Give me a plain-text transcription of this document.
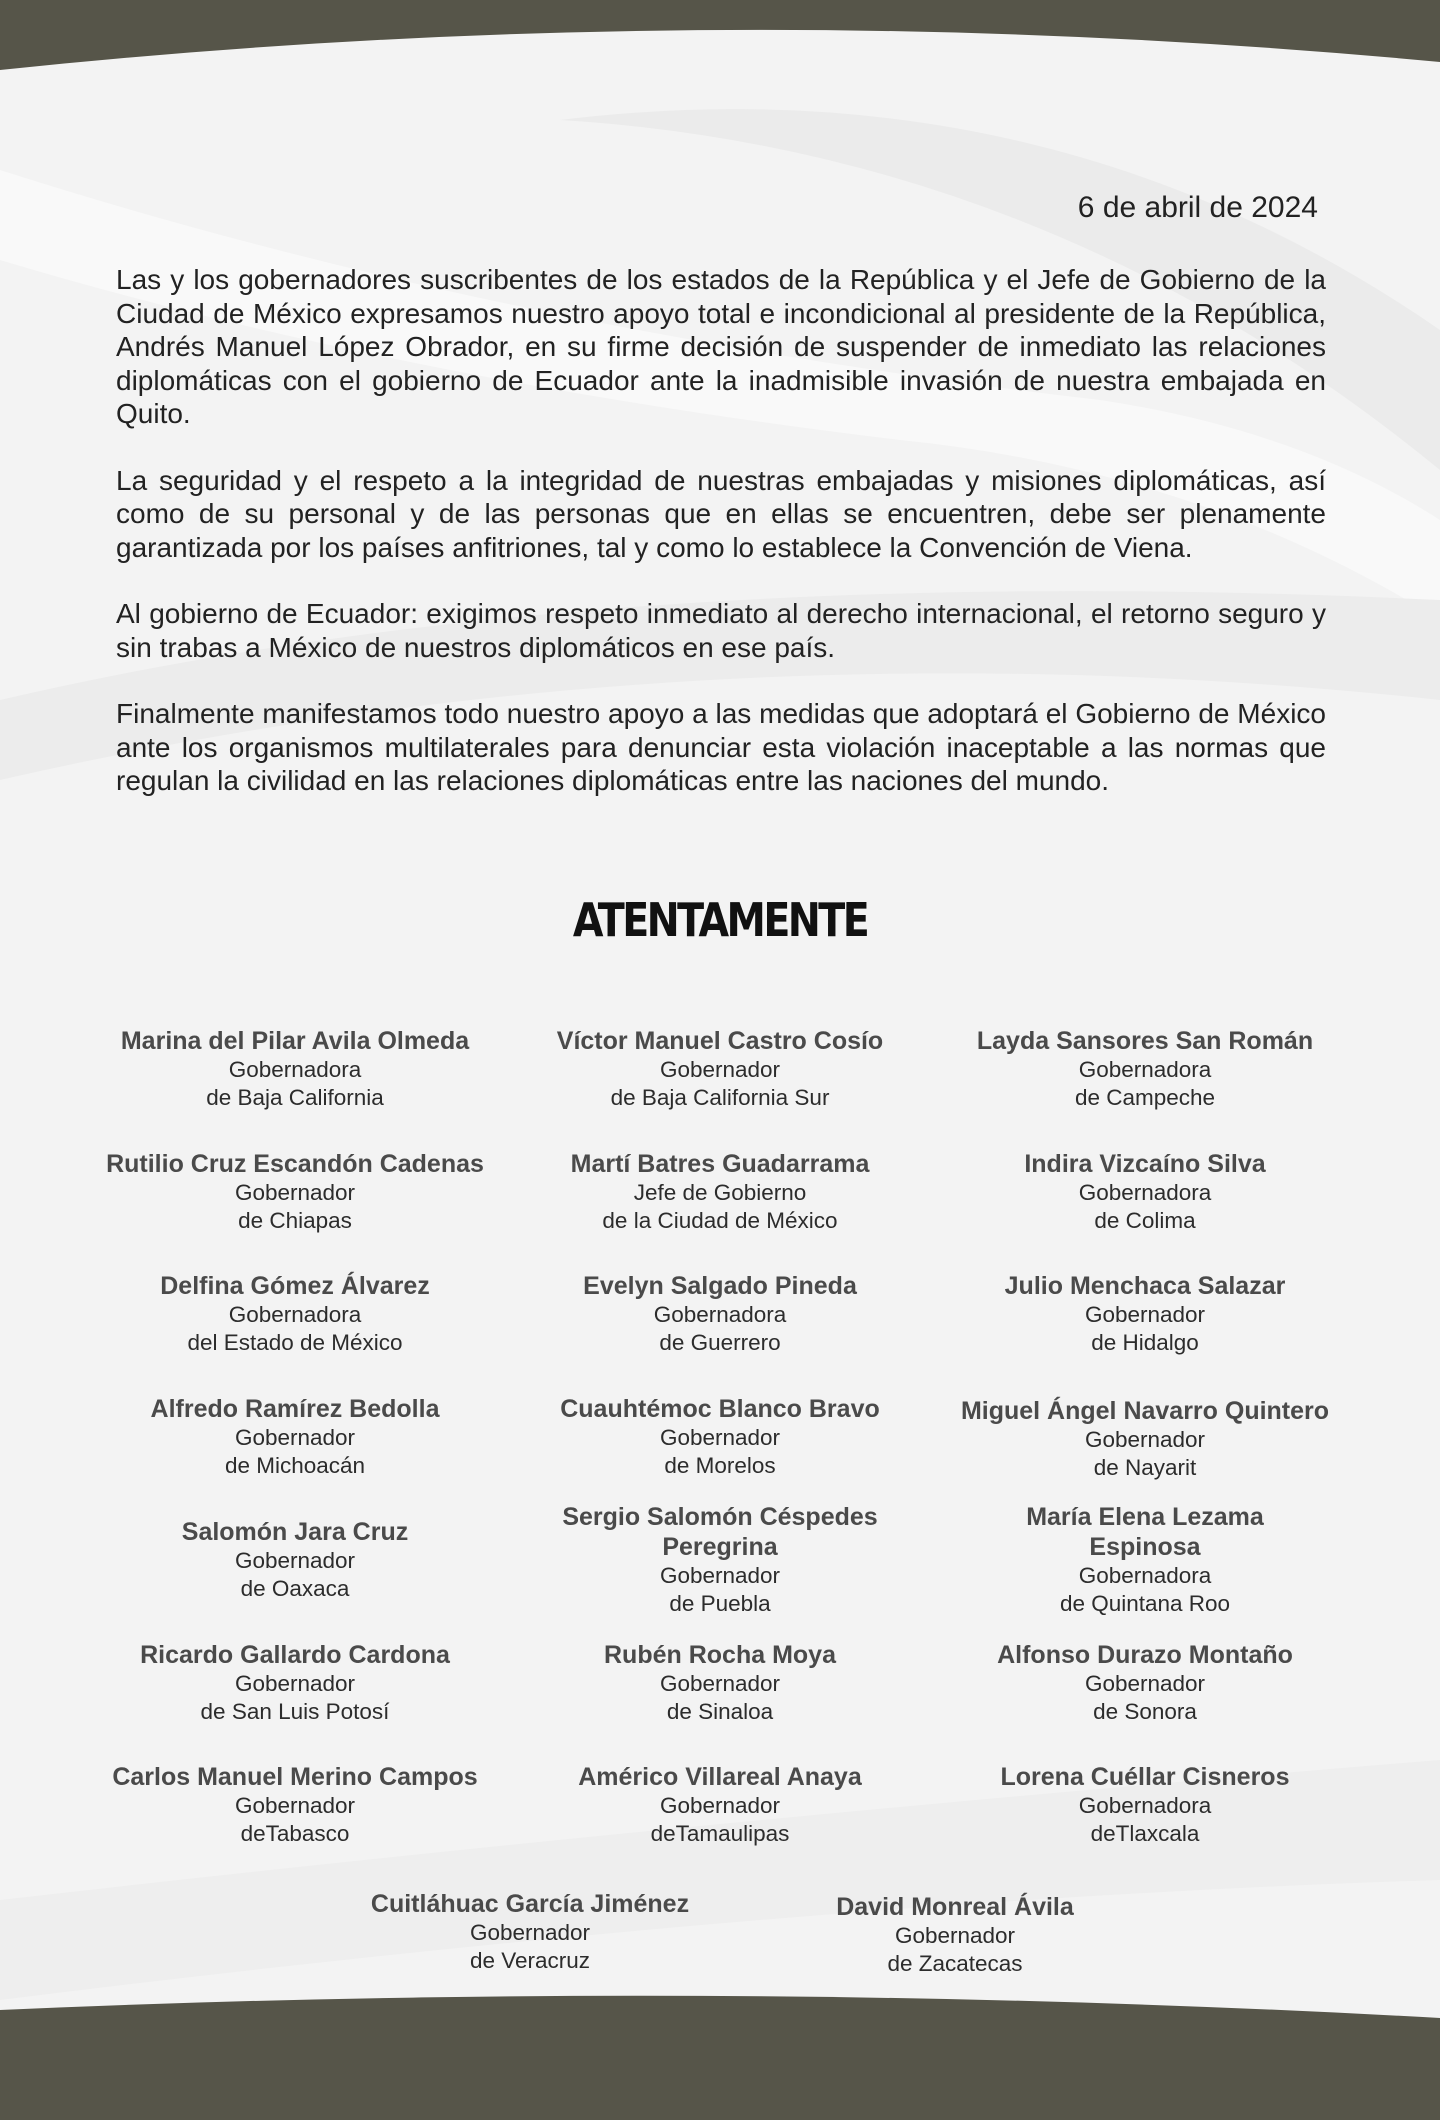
6 de abril de 2024

Las y los gobernadores suscribentes de los estados de la República y el Jefe de Gobierno de la Ciudad de México expresamos nuestro apoyo total e incondicional al presidente de la República, Andrés Manuel López Obrador, en su firme decisión de suspender de inmediato las relaciones diplomáticas con el gobierno de Ecuador ante la inadmisible invasión de nuestra embajada en Quito.

La seguridad y el respeto a la integridad de nuestras embajadas y misiones diplomáticas, así como de su personal y de las personas que en ellas se encuentren, debe ser plenamente garantizada por los países anfitriones, tal y como lo establece la Convención de Viena.

Al gobierno de Ecuador: exigimos respeto inmediato al derecho internacional, el retorno seguro y sin trabas a México de nuestros diplomáticos en ese país.

Finalmente manifestamos todo nuestro apoyo a las medidas que adoptará el Gobierno de México ante los organismos multilaterales para denunciar esta violación inaceptable a las normas que regulan la civilidad en las relaciones diplomáticas entre las naciones del mundo.

ATENTAMENTE
Marina del Pilar Avila Olmeda
Gobernadora
de Baja California
Víctor Manuel Castro Cosío
Gobernador
de Baja California Sur
Layda Sansores San Román
Gobernadora
de Campeche
Rutilio Cruz Escandón Cadenas
Gobernador
de Chiapas
Martí Batres Guadarrama
Jefe de Gobierno
de la Ciudad de México
Indira Vizcaíno Silva
Gobernadora
de Colima
Delfina Gómez Álvarez
Gobernadora
del Estado de México
Evelyn Salgado Pineda
Gobernadora
de Guerrero
Julio Menchaca Salazar
Gobernador
de Hidalgo
Alfredo Ramírez Bedolla
Gobernador
de Michoacán
Cuauhtémoc Blanco Bravo
Gobernador
de Morelos
Miguel Ángel Navarro Quintero
Gobernador
de Nayarit
Salomón Jara Cruz
Gobernador
de Oaxaca
Sergio Salomón Céspedes Peregrina
Gobernador
de Puebla
María Elena Lezama Espinosa
Gobernadora
de Quintana Roo
Ricardo Gallardo Cardona
Gobernador
de San Luis Potosí
Rubén Rocha Moya
Gobernador
de Sinaloa
Alfonso Durazo Montaño
Gobernador
de Sonora
Carlos Manuel Merino Campos
Gobernador
deTabasco
Américo Villareal Anaya
Gobernador
deTamaulipas
Lorena Cuéllar Cisneros
Gobernadora
deTlaxcala
Cuitláhuac García Jiménez
Gobernador
de Veracruz
David Monreal Ávila
Gobernador
de Zacatecas
